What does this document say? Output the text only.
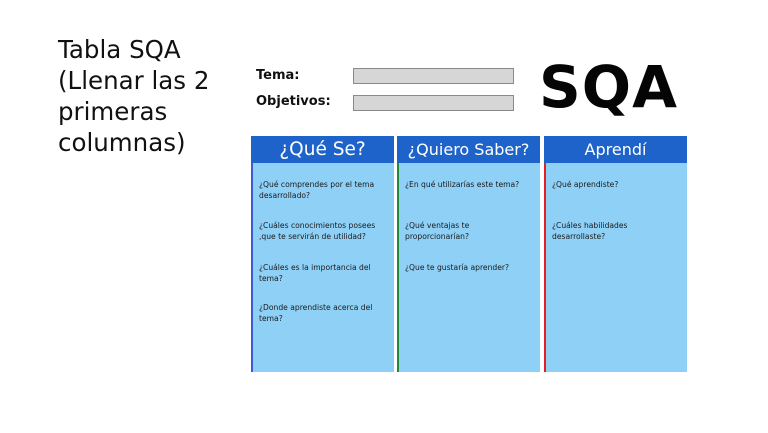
Tabla SQA
(Llenar las 2
primeras
columnas)
Tema:
Objetivos:	SQA
¿Qué Se?
¿Qué comprendes por el tema desarrollado?
¿Cuáles conocimientos posees ,que te servirán de utilidad?
¿Cuáles es la importancia del tema?
¿Donde aprendiste acerca del tema?
¿Quiero Saber?
¿En qué utilizarías este tema?
¿Qué ventajas te proporcionarían?
¿Que te gustaría aprender?
Aprendí
¿Qué aprendiste?
¿Cuáles habilidades desarrollaste?
